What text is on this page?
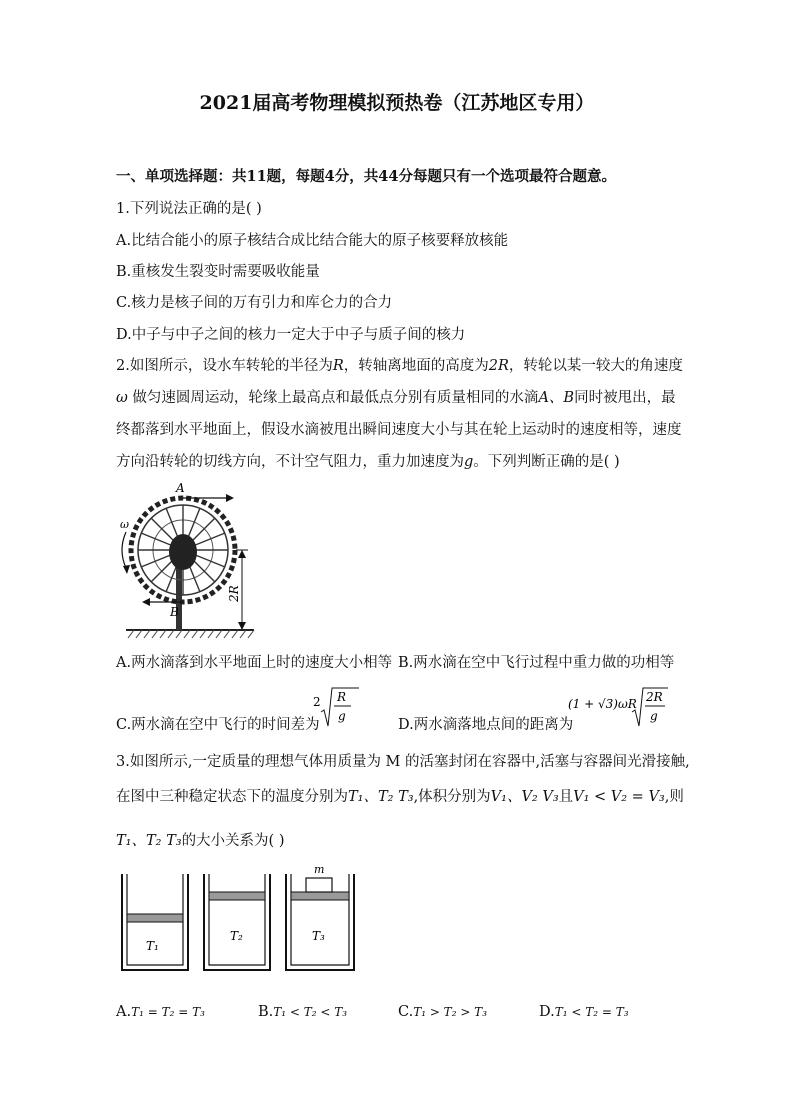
2021届高考物理模拟预热卷（江苏地区专用）
一、单项选择题：共11题，每题4分，共44分每题只有一个选项最符合题意。
1.下列说法正确的是( )
A.比结合能小的原子核结合成比结合能大的原子核要释放核能
B.重核发生裂变时需要吸收能量
C.核力是核子间的万有引力和库仑力的合力
D.中子与中子之间的核力一定大于中子与质子间的核力
2.如图所示，设水车转轮的半径为R，转轴离地面的高度为2R，转轮以某一较大的角速度
ω 做匀速圆周运动，轮缘上最高点和最低点分别有质量相同的水滴A、B同时被甩出，最
终都落到水平地面上，假设水滴被甩出瞬间速度大小与其在轮上运动时的速度相等，速度
方向沿转轮的切线方向，不计空气阻力，重力加速度为g。下列判断正确的是( )
A
B
ω
2R
A.两水滴落到水平地面上时的速度大小相等 B.两水滴在空中飞行过程中重力做的功相等
C.两水滴在空中飞行的时间差为
2 R
g
D.两水滴落地点间的距离为
(1 + √3)ωR 2R
g
3.如图所示,一定质量的理想气体用质量为 M 的活塞封闭在容器中,活塞与容器间光滑接触,
在图中三种稳定状态下的温度分别为T₁、T₂ T₃,体积分别为V₁、V₂ V₃且V₁ < V₂ = V₃,则
T₁、T₂ T₃的大小关系为( )
T₁
T₂
m
T₃
A.T₁ = T₂ = T₃	B.T₁ < T₂ < T₃	C.T₁ > T₂ > T₃	D.T₁ < T₂ = T₃
